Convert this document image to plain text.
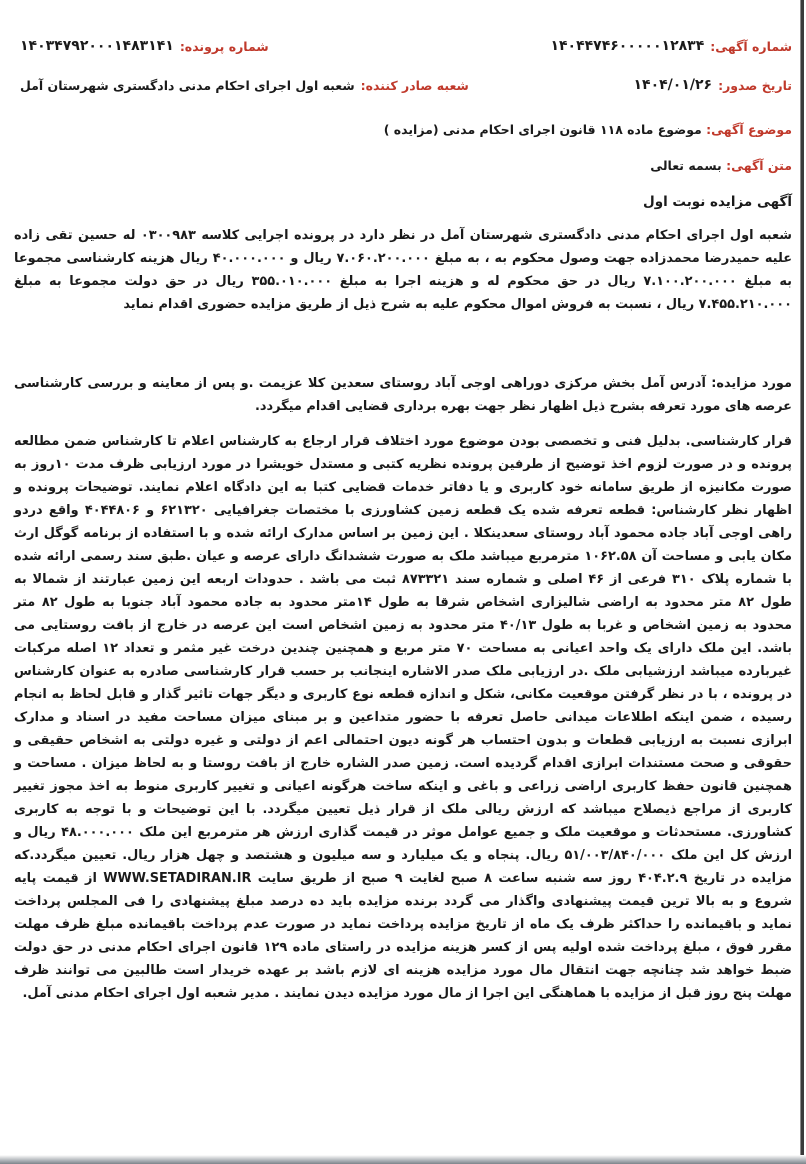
شماره آگهی:
۱۴۰۴۴۷۴۶۰۰۰۰۰۱۲۸۳۴
شماره پرونده:
۱۴۰۳۴۷۹۲۰۰۰۱۴۸۳۱۴۱
تاریخ صدور:
۱۴۰۴/۰۱/۲۶
شعبه صادر کننده:
شعبه اول اجرای احکام مدنی دادگستری شهرستان آمل
موضوع آگهی: موضوع ماده ۱۱۸ قانون اجرای احکام مدنی (مزایده )
متن آگهی: بسمه تعالی
آگهی مزایده نوبت اول
شعبه اول اجرای احکام مدنی دادگستری شهرستان آمل در نظر دارد در پرونده اجرایی کلاسه ۰۳۰۰۹۸۳ له حسین تقی زاده علیه حمیدرضا محمدزاده جهت وصول محکوم به ، به مبلغ ۷.۰۶۰.۲۰۰.۰۰۰ ریال و ۴۰.۰۰۰.۰۰۰ ریال هزینه کارشناسی مجموعا به مبلغ ۷.۱۰۰.۲۰۰.۰۰۰ ریال در حق محکوم له و هزینه اجرا به مبلغ ۳۵۵.۰۱۰.۰۰۰ ریال در حق دولت مجموعا به مبلغ ۷.۴۵۵.۲۱۰.۰۰۰ ریال ، نسبت به فروش اموال محکوم علیه به شرح ذیل از طریق مزایده حضوری اقدام نماید
مورد مزایده: آدرس آمل بخش مرکزی دوراهی اوجی آباد روستای سعدین کلا عزیمت .و پس از معاینه و بررسی کارشناسی عرصه های مورد تعرفه بشرح ذیل اظهار نظر جهت بهره برداری قضایی اقدام میگردد.
قرار کارشناسی. بدلیل فنی و تخصصی بودن موضوع مورد اختلاف قرار ارجاع به کارشناس اعلام تا کارشناس ضمن مطالعه پرونده و در صورت لزوم اخذ توضیح از طرفین پرونده نظریه کتبی و مستدل خویشرا در مورد ارزیابی ظرف مدت ۱۰روز به صورت مکانیزه از طریق سامانه خود کاربری و یا دفاتر خدمات قضایی کتبا به این دادگاه اعلام نمایند. توضیحات پرونده و اظهار نظر کارشناس: قطعه تعرفه شده یک قطعه زمین کشاورزی با مختصات جغرافیایی ۶۲۱۳۲۰ و ۴۰۴۴۸۰۶ واقع دردو راهی اوجی آباد جاده محمود آباد روستای سعدینکلا . این زمین بر اساس مدارک ارائه شده و با استفاده از برنامه گوگل ارث مکان یابی و مساحت آن ۱۰۶۲.۵۸ مترمربع میباشد ملک به صورت ششدانگ دارای عرصه و عیان .طبق سند رسمی ارائه شده با شماره پلاک ۳۱۰ فرعی از ۴۶ اصلی و شماره سند ۸۷۳۳۲۱ ثبت می باشد . حدودات اربعه این زمین عبارتند از شمالا به طول ۸۲ متر محدود به اراضی شالیزاری اشخاص شرقا به طول ۱۴متر محدود به جاده محمود آباد جنوبا به طول ۸۲ متر محدود به زمین اشخاص و غربا به طول ۴۰/۱۳ متر محدود به زمین اشخاص است این عرصه در خارج از بافت روستایی می باشد. این ملک دارای یک واحد اعیانی به مساحت ۷۰ متر مربع و همچنین چندین درخت غیر مثمر و تعداد ۱۲ اصله مرکبات غیربارده میباشد ارزشیابی ملک .در ارزیابی ملک صدر الاشاره اینجانب بر حسب قرار کارشناسی صادره به عنوان کارشناس در پرونده ، با در نظر گرفتن موقعیت مکانی، شکل و اندازه قطعه نوع کاربری و دیگر جهات تاثیر گذار و قابل لحاظ به انجام رسیده ، ضمن اینکه اطلاعات میدانی حاصل تعرفه با حضور متداعین و بر مبنای میزان مساحت مفید در اسناد و مدارک ابرازی نسبت به ارزیابی قطعات و بدون احتساب هر گونه دیون احتمالی اعم از دولتی و غیره دولتی به اشخاص حقیقی و حقوقی و صحت مستندات ابرازی اقدام گردیده است. زمین صدر الشاره خارج از بافت روستا و به لحاظ میزان . مساحت و همچنین قانون حفظ کاربری اراضی زراعی و باغی و اینکه ساخت هرگونه اعیانی و تغییر کاربری منوط به اخذ مجوز تغییر کاربری از مراجع ذیصلاح میباشد که ارزش ریالی ملک از قرار ذیل تعیین میگردد. با این توضیحات و با توجه به کاربری کشاورزی. مستحدثات و موقعیت ملک و جمیع عوامل موثر در قیمت گذاری ارزش هر مترمربع این ملک ۴۸.۰۰۰.۰۰۰ ریال و ارزش کل این ملک ۵۱/۰۰۳/۸۴۰/۰۰۰ ریال. پنجاه و یک میلیارد و سه میلیون و هشتصد و چهل هزار ریال. تعیین میگردد.که مزایده در تاریخ ۴۰۴.۲.۹ روز سه شنبه ساعت ۸ صبح لغایت ۹ صبح از طریق سایت WWW.SETADIRAN.IR از قیمت پایه شروع و به بالا ترین قیمت پیشنهادی واگذار می گردد برنده مزایده باید ده درصد مبلغ پیشنهادی را فی المجلس پرداخت نماید و باقیمانده را حداکثر ظرف یک ماه از تاریخ مزایده پرداخت نماید در صورت عدم پرداخت باقیمانده مبلغ ظرف مهلت مقرر فوق ، مبلغ پرداخت شده اولیه پس از کسر هزینه مزایده در راستای ماده ۱۲۹ قانون اجرای احکام مدنی در حق دولت ضبط خواهد شد چنانچه جهت انتقال مال مورد مزایده هزینه ای لازم باشد بر عهده خریدار است طالبین می توانند ظرف مهلت پنج روز قبل از مزایده با هماهنگی این اجرا از مال مورد مزایده دیدن نمایند . مدیر شعبه اول اجرای احکام مدنی آمل.
